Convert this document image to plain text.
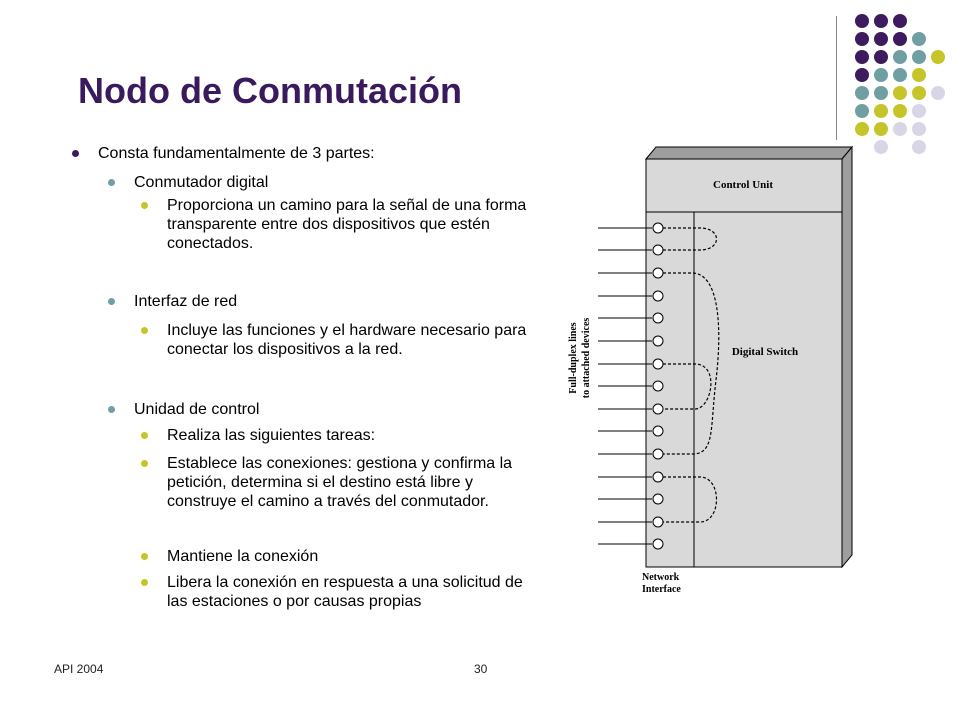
Nodo de Conmutación
Consta fundamentalmente de 3 partes:
Conmutador digital
Proporciona un camino para la señal de una forma transparente entre dos dispositivos que estén conectados.
Interfaz de red
Incluye las funciones y el hardware necesario para conectar los dispositivos a la red.
Unidad de control
Realiza las siguientes tareas:
Establece las conexiones: gestiona y confirma la petición, determina si el destino está libre y construye el camino a través del conmutador.
Mantiene la conexión
Libera la conexión en respuesta a una solicitud de las estaciones o por causas propias
Control Unit
Digital Switch
Network
Interface
Full-duplex lines to attached devices
API 2004	30
